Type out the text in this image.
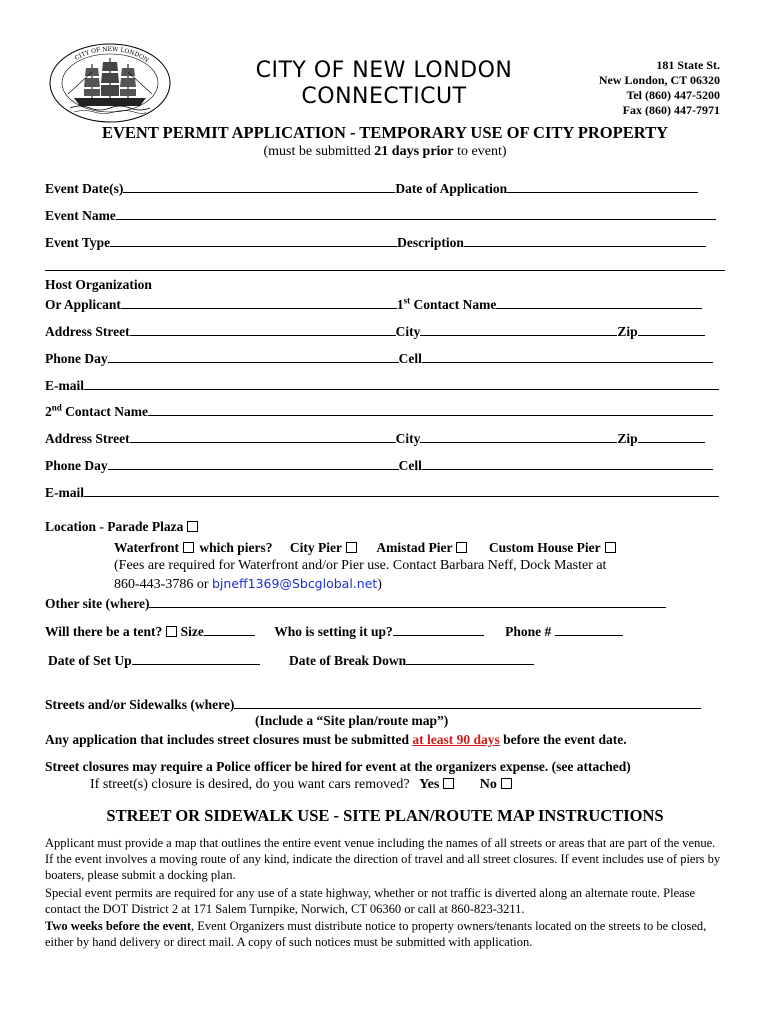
CITY OF NEW LONDON	CITY OF NEW LONDON
CONNECTICUT
181 State St.
New London, CT 06320
Tel (860) 447-5200
Fax (860) 447-7971
EVENT PERMIT APPLICATION - TEMPORARY USE OF CITY PROPERTY
(must be submitted 21 days prior to event)
Event Date(s)	Date of Application
Event Name
Event Type	Description
Host Organization
Or Applicant	1st Contact Name
Address Street	City	Zip
Phone Day	Cell
E-mail
2nd Contact Name
Address Street	City	Zip
Phone Day	Cell
E-mail
Location - Parade Plaza
Waterfront which piers? City Pier	Amistad Pier	Custom House Pier
(Fees are required for Waterfront and/or Pier use. Contact Barbara Neff, Dock Master at
860-443-3786 or bjneff1369@Sbcglobal.net)
Other site (where)
Will there be a tent? Size	Who is setting it up?	Phone #
Date of Set Up	Date of Break Down
Streets and/or Sidewalks (where)
(Include a “Site plan/route map”)
Any application that includes street closures must be submitted at least 90 days before the event date.
Street closures may require a Police officer be hired for event at the organizers expense. (see attached)
If street(s) closure is desired, do you want cars removed? Yes	No
STREET OR SIDEWALK USE - SITE PLAN/ROUTE MAP INSTRUCTIONS
Applicant must provide a map that outlines the entire event venue including the names of all streets or areas that are part of the venue. If the event involves a moving route of any kind, indicate the direction of travel and all street closures. If event includes use of piers by boaters, please submit a docking plan.
Special event permits are required for any use of a state highway, whether or not traffic is diverted along an alternate route. Please contact the DOT District 2 at 171 Salem Turnpike, Norwich, CT 06360 or call at 860-823-3211.
Two weeks before the event, Event Organizers must distribute notice to property owners/tenants located on the streets to be closed, either by hand delivery or direct mail. A copy of such notices must be submitted with application.
